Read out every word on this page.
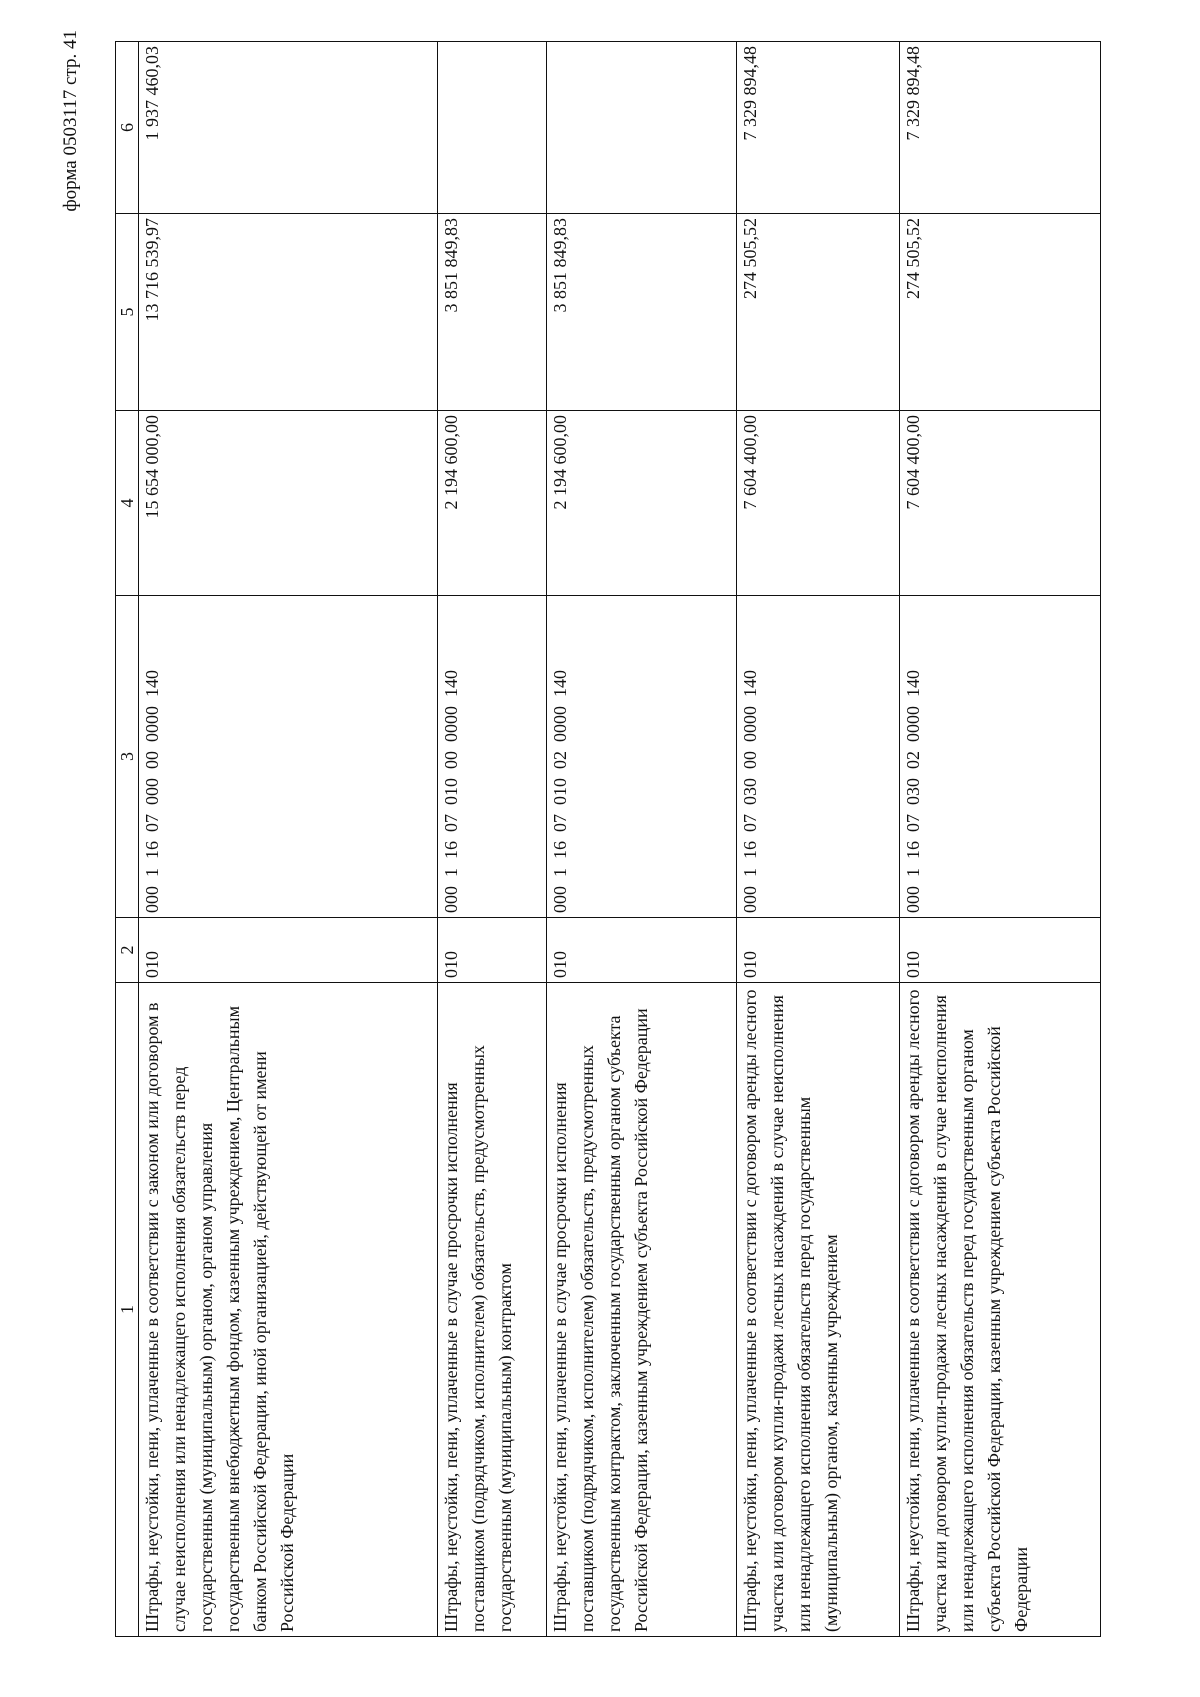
форма 0503117 стр. 41
1	2	3	4	5	6
Штрафы, неустойки, пени, уплаченные в соответствии с законом или договором в случае неисполнения или ненадлежащего исполнения обязательств перед государственным (муниципальным) органом, органом управления государственным внебюджетным фондом, казенным учреждением, Центральным банком Российской Федерации, иной организацией, действующей от имени Российской Федерации	010	00011607000000000140	15 654 000,00	13 716 539,97	1 937 460,03
Штрафы, неустойки, пени, уплаченные в случае просрочки исполнения поставщиком (подрядчиком, исполнителем) обязательств, предусмотренных государственным (муниципальным) контрактом	010	00011607010000000140	2 194 600,00	3 851 849,83	
Штрафы, неустойки, пени, уплаченные в случае просрочки исполнения поставщиком (подрядчиком, исполнителем) обязательств, предусмотренных государственным контрактом, заключенным государственным органом субъекта Российской Федерации, казенным учреждением субъекта Российской Федерации	010	00011607010020000140	2 194 600,00	3 851 849,83	
Штрафы, неустойки, пени, уплаченные в соответствии с договором аренды лесного участка или договором купли-продажи лесных насаждений в случае неисполнения или ненадлежащего исполнения обязательств перед государственным (муниципальным) органом, казенным учреждением	010	00011607030000000140	7 604 400,00	274 505,52	7 329 894,48
Штрафы, неустойки, пени, уплаченные в соответствии с договором аренды лесного участка или договором купли-продажи лесных насаждений в случае неисполнения или ненадлежащего исполнения обязательств перед государственным органом субъекта Российской Федерации, казенным учреждением субъекта Российской Федерации	010	00011607030020000140	7 604 400,00	274 505,52	7 329 894,48
